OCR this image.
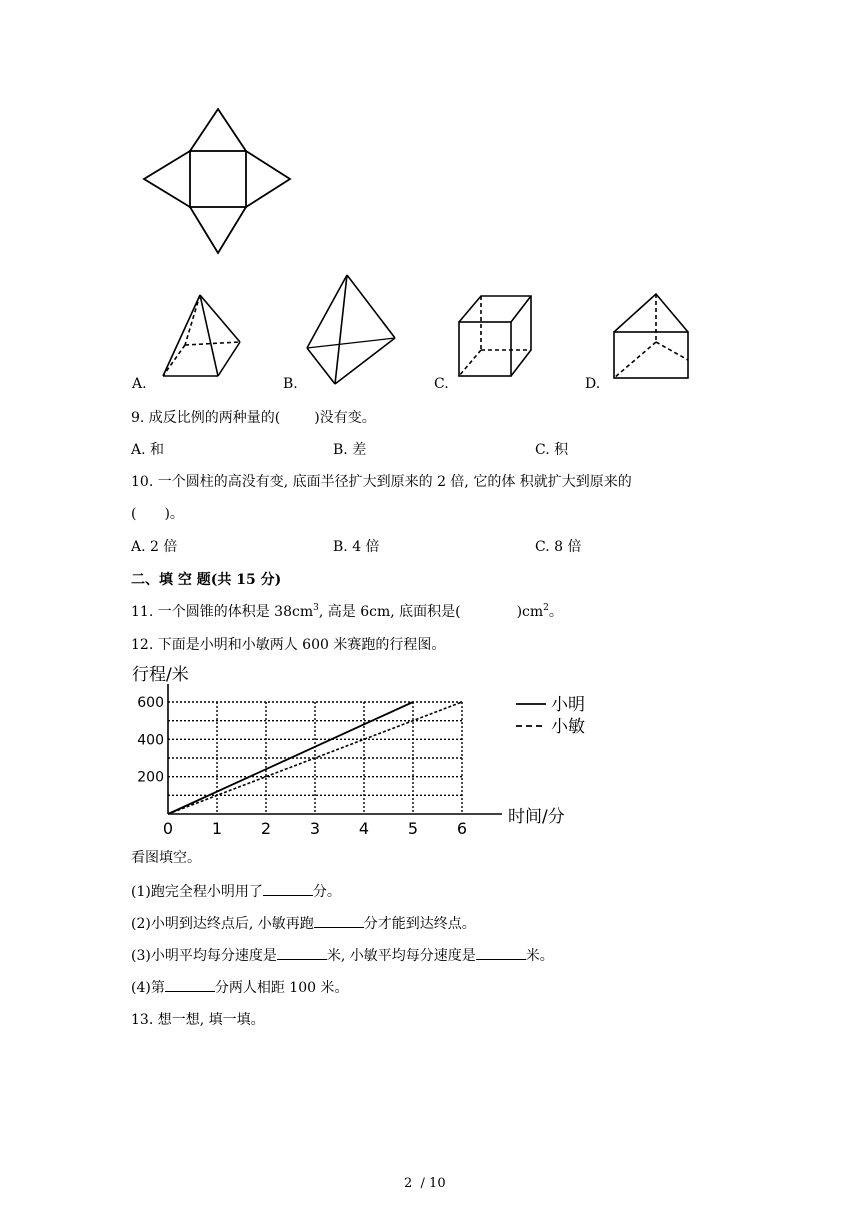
A.	B.	C.	D.
9. 成反比例的两种量的( )没有变。
A. 和	B. 差	C. 积
10. 一个圆柱的高没有变, 底面半径扩大到原来的 2 倍, 它的体 积就扩大到原来的
(　　)。
A. 2 倍	B. 4 倍	C. 8 倍
二、填 空 题(共 15 分)
11. 一个圆锥的体积是 $38cm^3$, 高是 6cm, 底面积是(	)$cm^2$。
12. 下面是小明和小敏两人 600 米赛跑的行程图。
行程/米
时间/分
0 1 2 3 4 5 6
200
400
600	小明
小敏
看图填空。
(1)跑完全程小明用了	分。
(2)小明到达终点后, 小敏再跑	分才能到达终点。
(3)小明平均每分速度是	米, 小敏平均每分速度是	米。
(4)第	分两人相距 100 米。
13. 想一想, 填一填。
2  / 10
